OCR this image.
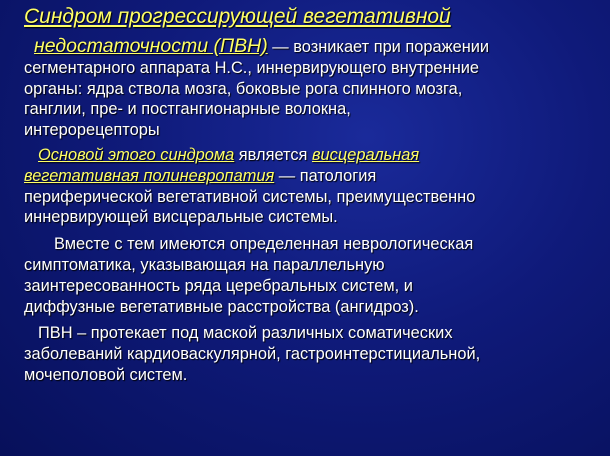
Синдром прогрессирующей вегетативной

недостаточности (ПВН) — возникает при поражении
сегментарного аппарата Н.С., иннервирующего внутренние
органы: ядра ствола мозга, боковые рога спинного мозга,
ганглии, пре- и постгангионарные волокна,
интерорецепторы

Основой этого синдрома является висцеральная
вегетативная полиневропатия — патология
периферической вегетативной системы, преимущественно
иннервирующей висцеральные системы.

Вместе с тем имеются определенная неврологическая
симптоматика, указывающая на параллельную
заинтересованность ряда церебральных систем, и
диффузные вегетативные расстройства (ангидроз).

ПВН – протекает под маской различных соматических
заболеваний кардиоваскулярной, гастроинтерстициальной,
мочеполовой систем.
